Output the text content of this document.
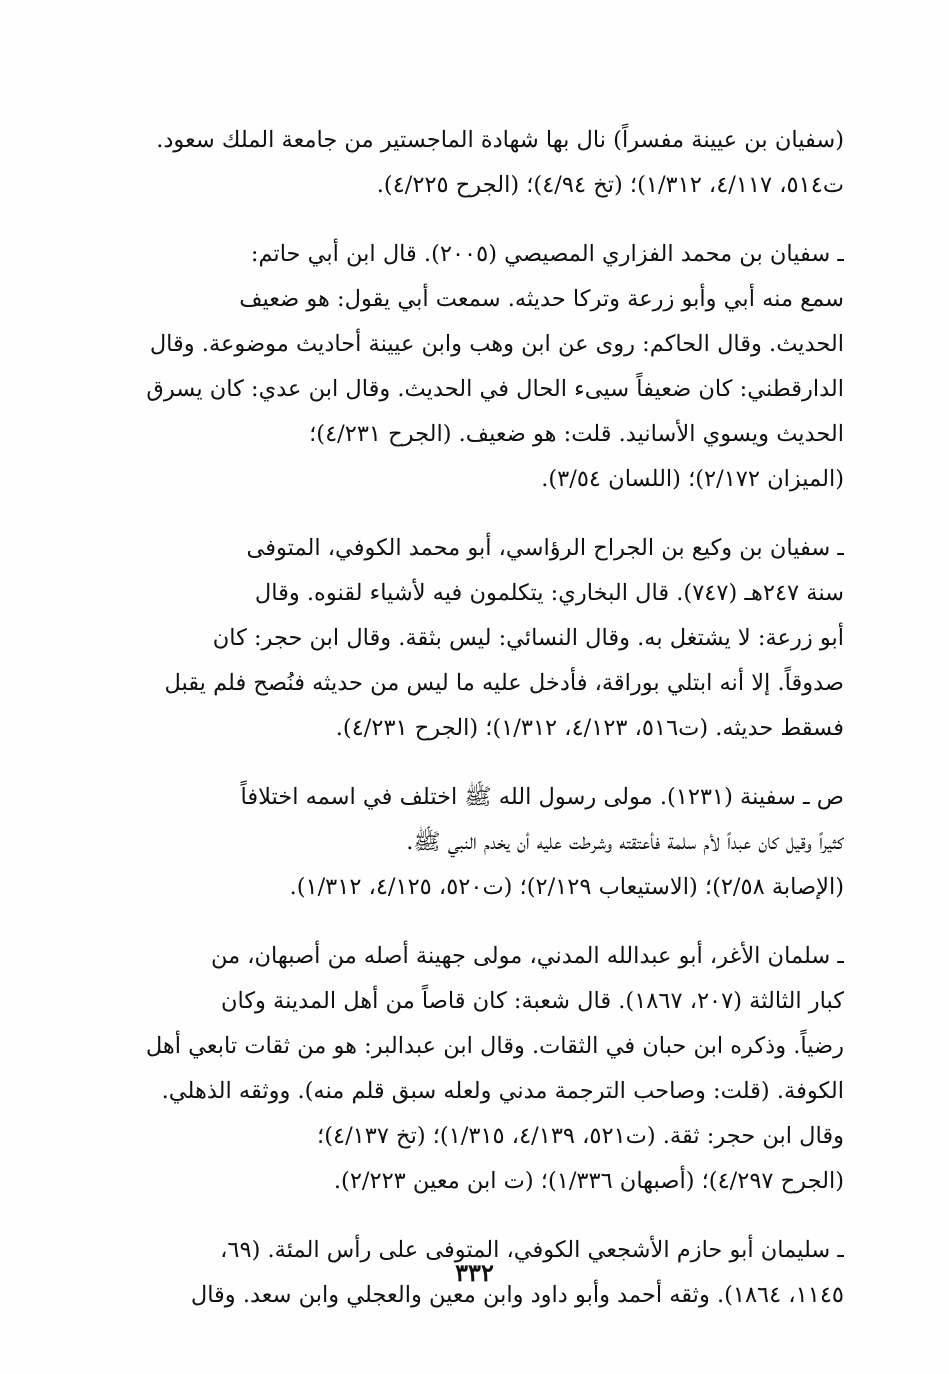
(سفيان بن عيينة مفسراً) نال بها شهادة الماجستير من جامعة الملك سعود.
ت٥١٤، ٤/١١٧، ١/٣١٢)؛ (تخ ٤/٩٤)؛ (الجرح ٤/٢٢٥).
ـ سفيان بن محمد الفزاري المصيصي (٢٠٠٥). قال ابن أبي حاتم:
سمع منه أبي وأبو زرعة وتركا حديثه. سمعت أبي يقول: هو ضعيف
الحديث. وقال الحاكم: روى عن ابن وهب وابن عيينة أحاديث موضوعة. وقال
الدارقطني: كان ضعيفاً سيىء الحال في الحديث. وقال ابن عدي: كان يسرق
الحديث ويسوي الأسانيد. قلت: هو ضعيف. (الجرح ٤/٢٣١)؛
(الميزان ٢/١٧٢)؛ (اللسان ٣/٥٤).
ـ سفيان بن وكيع بن الجراح الرؤاسي، أبو محمد الكوفي، المتوفى
سنة ٢٤٧هـ (٧٤٧). قال البخاري: يتكلمون فيه لأشياء لقنوه. وقال
أبو زرعة: لا يشتغل به. وقال النسائي: ليس بثقة. وقال ابن حجر: كان
صدوقاً. إلا أنه ابتلي بوراقة، فأدخل عليه ما ليس من حديثه فنُصح فلم يقبل
فسقط حديثه. (ت٥١٦، ٤/١٢٣، ١/٣١٢)؛ (الجرح ٤/٢٣١).
ص ـ سفينة (١٢٣١). مولى رسول الله ﷺ اختلف في اسمه اختلافاً
كثيراً وقيل كان عبداً لأم سلمة فأعتقته وشرطت عليه أن يخدم النبي ﷺ.
(الإصابة ٢/٥٨)؛ (الاستيعاب ٢/١٢٩)؛ (ت٥٢٠، ٤/١٢٥، ١/٣١٢).
ـ سلمان الأغر، أبو عبدالله المدني، مولى جهينة أصله من أصبهان، من
كبار الثالثة (٢٠٧، ١٨٦٧). قال شعبة: كان قاصاً من أهل المدينة وكان
رضياً. وذكره ابن حبان في الثقات. وقال ابن عبدالبر: هو من ثقات تابعي أهل
الكوفة. (قلت: وصاحب الترجمة مدني ولعله سبق قلم منه). ووثقه الذهلي.
وقال ابن حجر: ثقة. (ت٥٢١، ٤/١٣٩، ١/٣١٥)؛ (تخ ٤/١٣٧)؛
(الجرح ٤/٢٩٧)؛ (أصبهان ١/٣٣٦)؛ (ت ابن معين ٢/٢٢٣).
ـ سليمان أبو حازم الأشجعي الكوفي، المتوفى على رأس المئة. (٦٩،
١١٤٥، ١٨٦٤). وثقه أحمد وأبو داود وابن معين والعجلي وابن سعد. وقال
٣٣٢
